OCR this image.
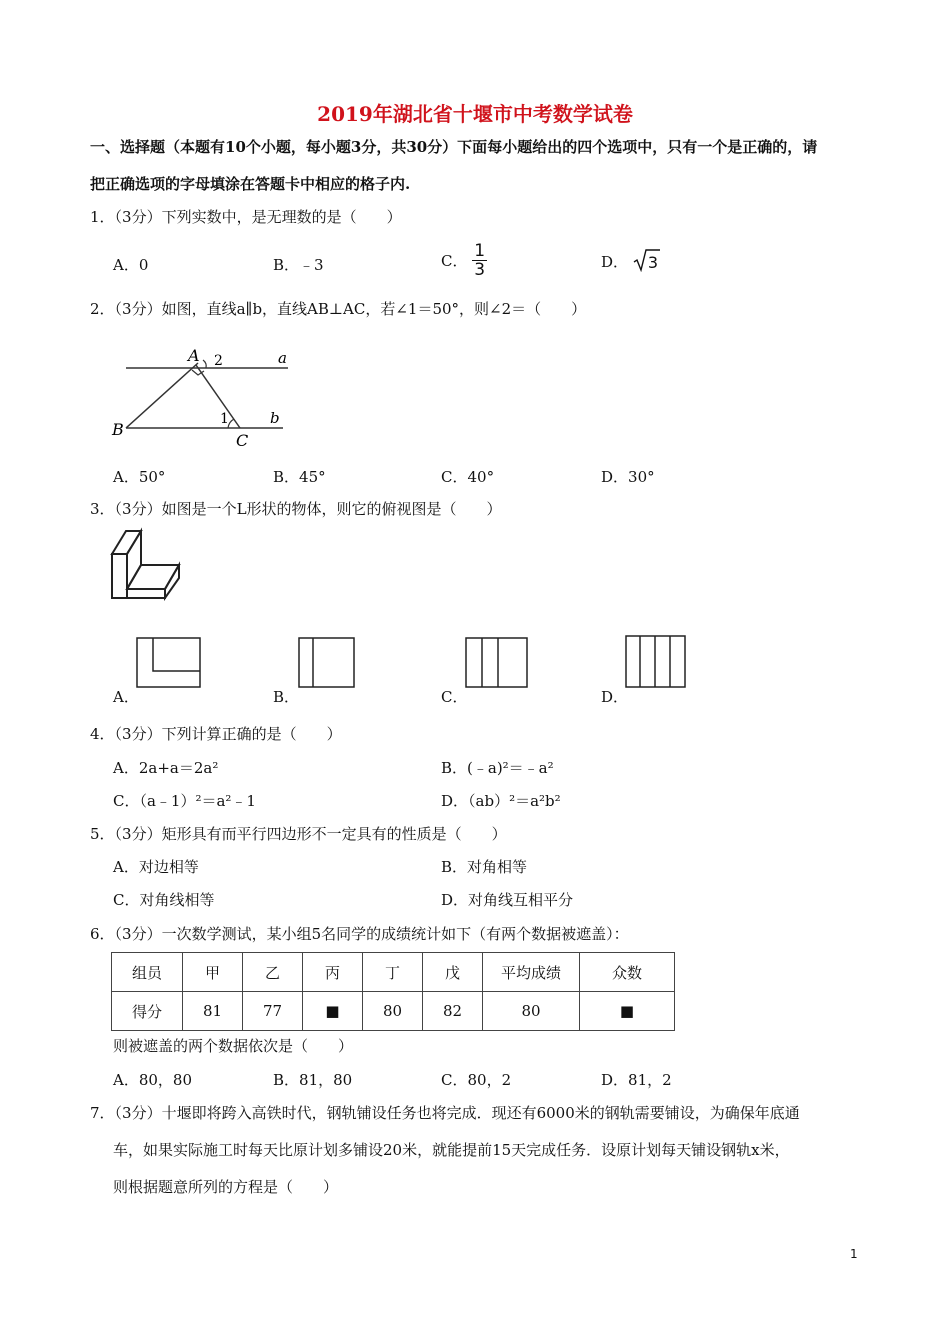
2019年湖北省十堰市中考数学试卷
一、选择题（本题有10个小题，每小题3分，共30分）下面每小题给出的四个选项中，只有一个是正确的，请
把正确选项的字母填涂在答题卡中相应的格子内.
1．（3分）下列实数中，是无理数的是（　　）
A．0	B．﹣3	C． $\frac{1}{3}$	D． 3
2．（3分）如图，直线a∥b，直线AB⊥AC，若∠1＝50°，则∠2＝（　　）
A 2	a
B
1	b
C
A．50°	B．45°	C．40°	D．30°
3．（3分）如图是一个L形状的物体，则它的俯视图是（　　）
A．	B．	C．	D．
4．（3分）下列计算正确的是（　　）
A．2a+a＝2a²	B．(﹣a)²＝﹣a²
C．（a﹣1）²＝a²﹣1	D．（ab）²＝a²b²
5．（3分）矩形具有而平行四边形不一定具有的性质是（　　）
A．对边相等	B．对角相等
C．对角线相等	D．对角线互相平分
6．（3分）一次数学测试，某小组5名同学的成绩统计如下（有两个数据被遮盖）：
组员	甲	乙	丙	丁	戊	平均成绩	众数
得分	81	77	■	80	82	80	■
则被遮盖的两个数据依次是（　　）
A．80，80	B．81，80	C．80，2	D．81，2
7．（3分）十堰即将跨入高铁时代，钢轨铺设任务也将完成．现还有6000米的钢轨需要铺设，为确保年底通
车，如果实际施工时每天比原计划多铺设20米，就能提前15天完成任务．设原计划每天铺设钢轨x米，
则根据题意所列的方程是（　　）
1
